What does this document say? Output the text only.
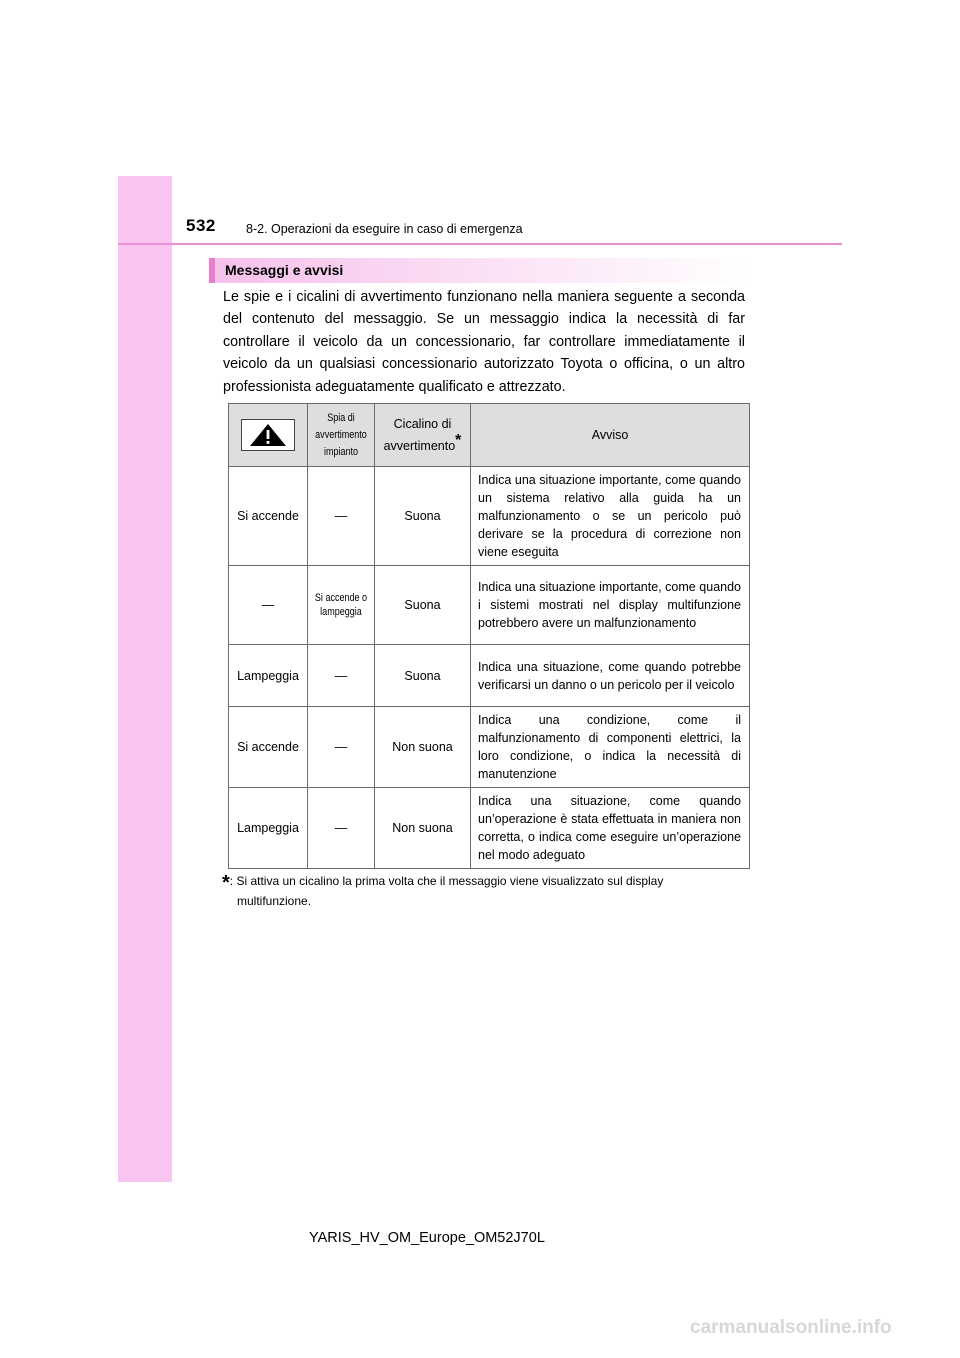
532 8-2. Operazioni da eseguire in caso di emergenza
Messaggi e avvisi

Le spie e i cicalini di avvertimento funzionano nella maniera seguente a seconda del contenuto del messaggio. Se un messaggio indica la necessità di far controllare il veicolo da un concessionario, far controllare immediatamente il veicolo da un qualsiasi concessionario autorizzato Toyota o officina, o un altro professionista adeguatamente qualificato e attrezzato.

	Spia di avvertimento impianto	Cicalino di avvertimento*	Avviso
Si accende	—	Suona	Indica una situazione importante, come quando un sistema relativo alla guida ha un malfunzionamento o se un pericolo può derivare se la procedura di correzione non viene eseguita
—	Si accende o lampeggia	Suona	Indica una situazione importante, come quando i sistemi mostrati nel display multifunzione potrebbero avere un malfunzionamento
Lampeggia	—	Suona	Indica una situazione, come quando potrebbe verificarsi un danno o un pericolo per il veicolo
Si accende	—	Non suona	Indica una condizione, come il malfunzionamento di componenti elettrici, la loro condizione, o indica la necessità di manutenzione
Lampeggia	—	Non suona	Indica una situazione, come quando un’operazione è stata effettuata in maniera non corretta, o indica come eseguire un’operazione nel modo adeguato
*: Si attiva un cicalino la prima volta che il messaggio viene visualizzato sul display
multifunzione.
YARIS_HV_OM_Europe_OM52J70L
carmanualsonline.info
